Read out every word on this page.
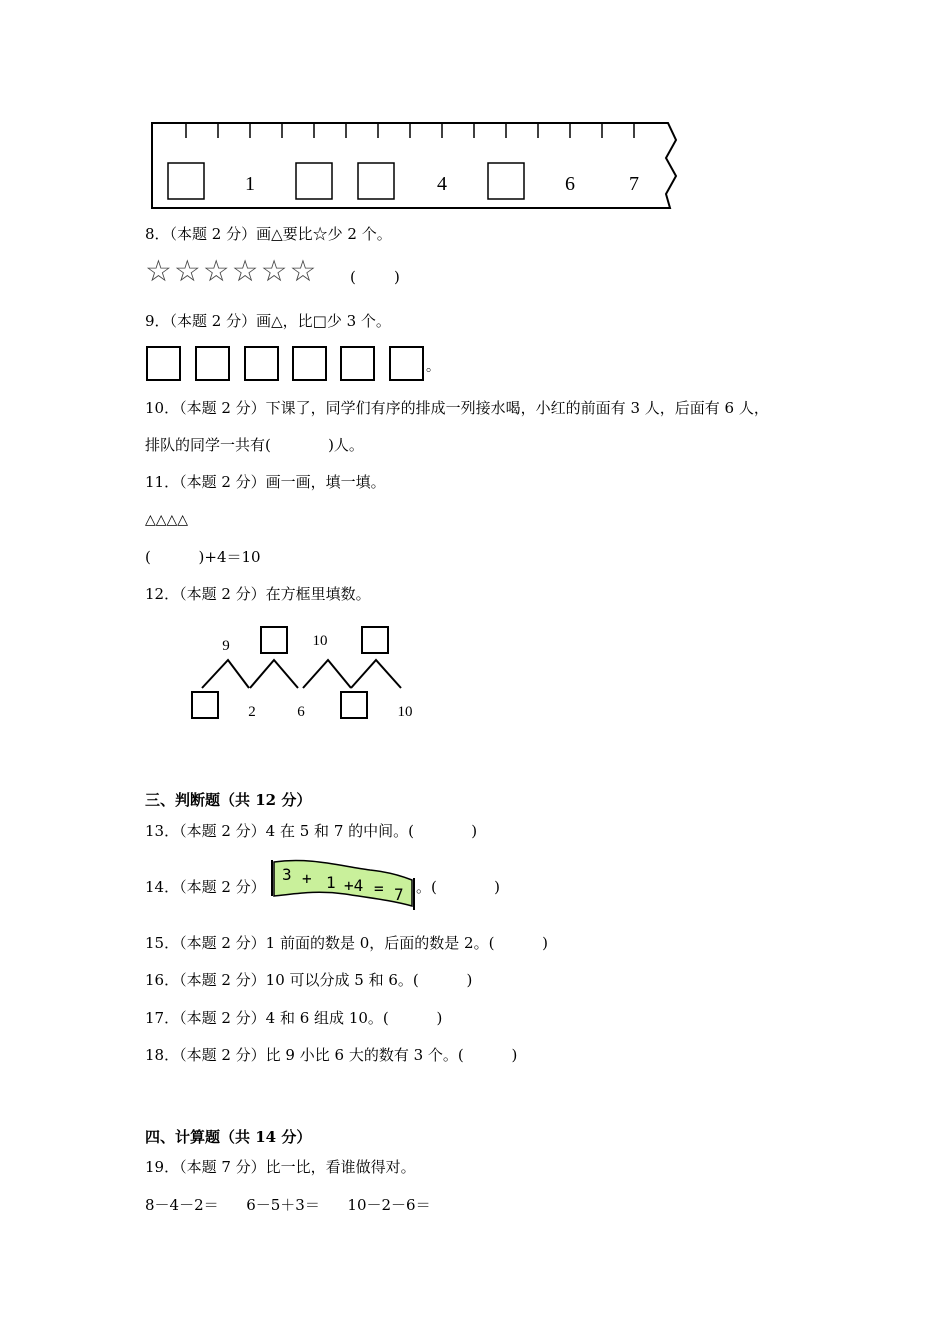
1	4	6	7
8．（本题 2 分）画△要比☆少 2 个。
☆☆☆☆☆☆ (        )
9．（本题 2 分）画△，比□少 3 个。
。
10．（本题 2 分）下课了，同学们有序的排成一列接水喝，小红的前面有 3 人，后面有 6 人，
排队的同学一共有(            )人。
11．（本题 2 分）画一画，填一填。
△△△△
(          )+4＝10
12．（本题 2 分）在方框里填数。
9	10
2	6	10
三、判断题（共 12 分）
13．（本题 2 分）4 在 5 和 7 的中间。(            )
14．（本题 2 分）
3 + 1 +4 = 7 。(            )
15．（本题 2 分）1 前面的数是 0，后面的数是 2。(          )
16．（本题 2 分）10 可以分成 5 和 6。(          )
17．（本题 2 分）4 和 6 组成 10。(          )
18．（本题 2 分）比 9 小比 6 大的数有 3 个。(          )
四、计算题（共 14 分）
19．（本题 7 分）比一比，看谁做得对。
8－4－2＝ 6－5＋3＝ 10－2－6＝
